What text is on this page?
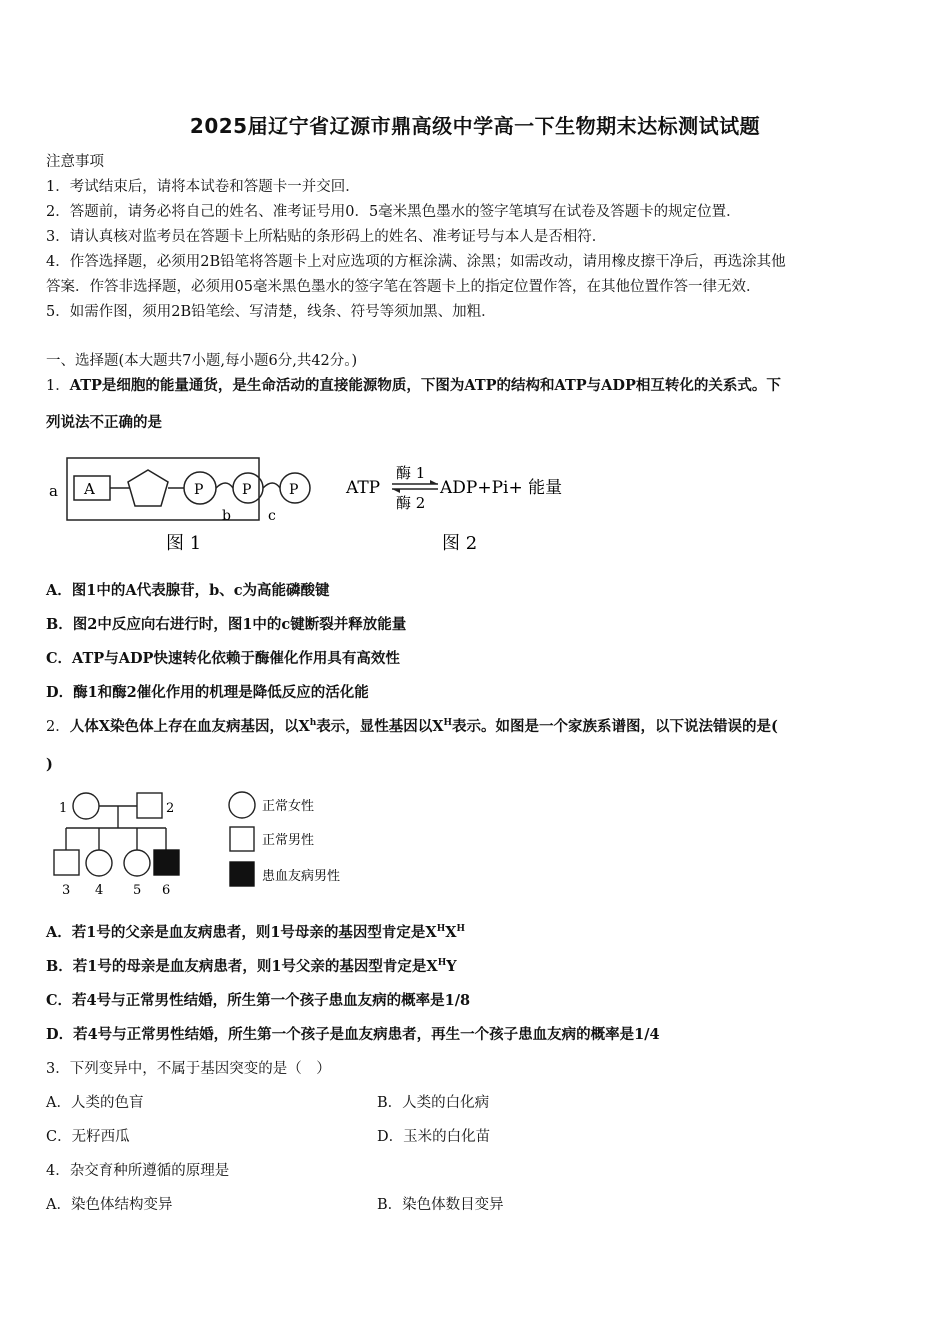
2025届辽宁省辽源市鼎高级中学高一下生物期末达标测试试题
注意事项
1．考试结束后，请将本试卷和答题卡一并交回．
2．答题前，请务必将自己的姓名、准考证号用0．5毫米黑色墨水的签字笔填写在试卷及答题卡的规定位置．
3．请认真核对监考员在答题卡上所粘贴的条形码上的姓名、准考证号与本人是否相符．
4．作答选择题，必须用2B铅笔将答题卡上对应选项的方框涂满、涂黑；如需改动，请用橡皮擦干净后，再选涂其他
答案．作答非选择题，必须用05毫米黑色墨水的签字笔在答题卡上的指定位置作答，在其他位置作答一律无效．
5．如需作图，须用2B铅笔绘、写清楚，线条、符号等须加黑、加粗．
一、选择题(本大题共7小题,每小题6分,共42分。)
1．ATP是细胞的能量通货，是生命活动的直接能源物质，下图为ATP的结构和ATP与ADP相互转化的关系式。下
列说法不正确的是
a A	P	P	P
b	c
图 1
ATP
酶 1
酶 2
ADP+Pi+ 能量
图 2
A．图1中的A代表腺苷，b、c为高能磷酸键
B．图2中反应向右进行时，图1中的c键断裂并释放能量
C．ATP与ADP快速转化依赖于酶催化作用具有高效性
D．酶1和酶2催化作用的机理是降低反应的活化能
2．人体X染色体上存在血友病基因，以$X^h$表示，显性基因以$X^H$表示。如图是一个家族系谱图，以下说法错误的是(
)
1	2
3 4 5 6
正常女性
正常男性
患血友病男性
A．若1号的父亲是血友病患者，则1号母亲的基因型肯定是$X^HX^H$
B．若1号的母亲是血友病患者，则1号父亲的基因型肯定是$X^HY$
C．若4号与正常男性结婚，所生第一个孩子患血友病的概率是1/8
D．若4号与正常男性结婚，所生第一个孩子是血友病患者，再生一个孩子患血友病的概率是1/4
3．下列变异中，不属于基因突变的是（　）
A．人类的色盲	B．人类的白化病
C．无籽西瓜	D．玉米的白化苗
4．杂交育种所遵循的原理是
A．染色体结构变异	B．染色体数目变异
